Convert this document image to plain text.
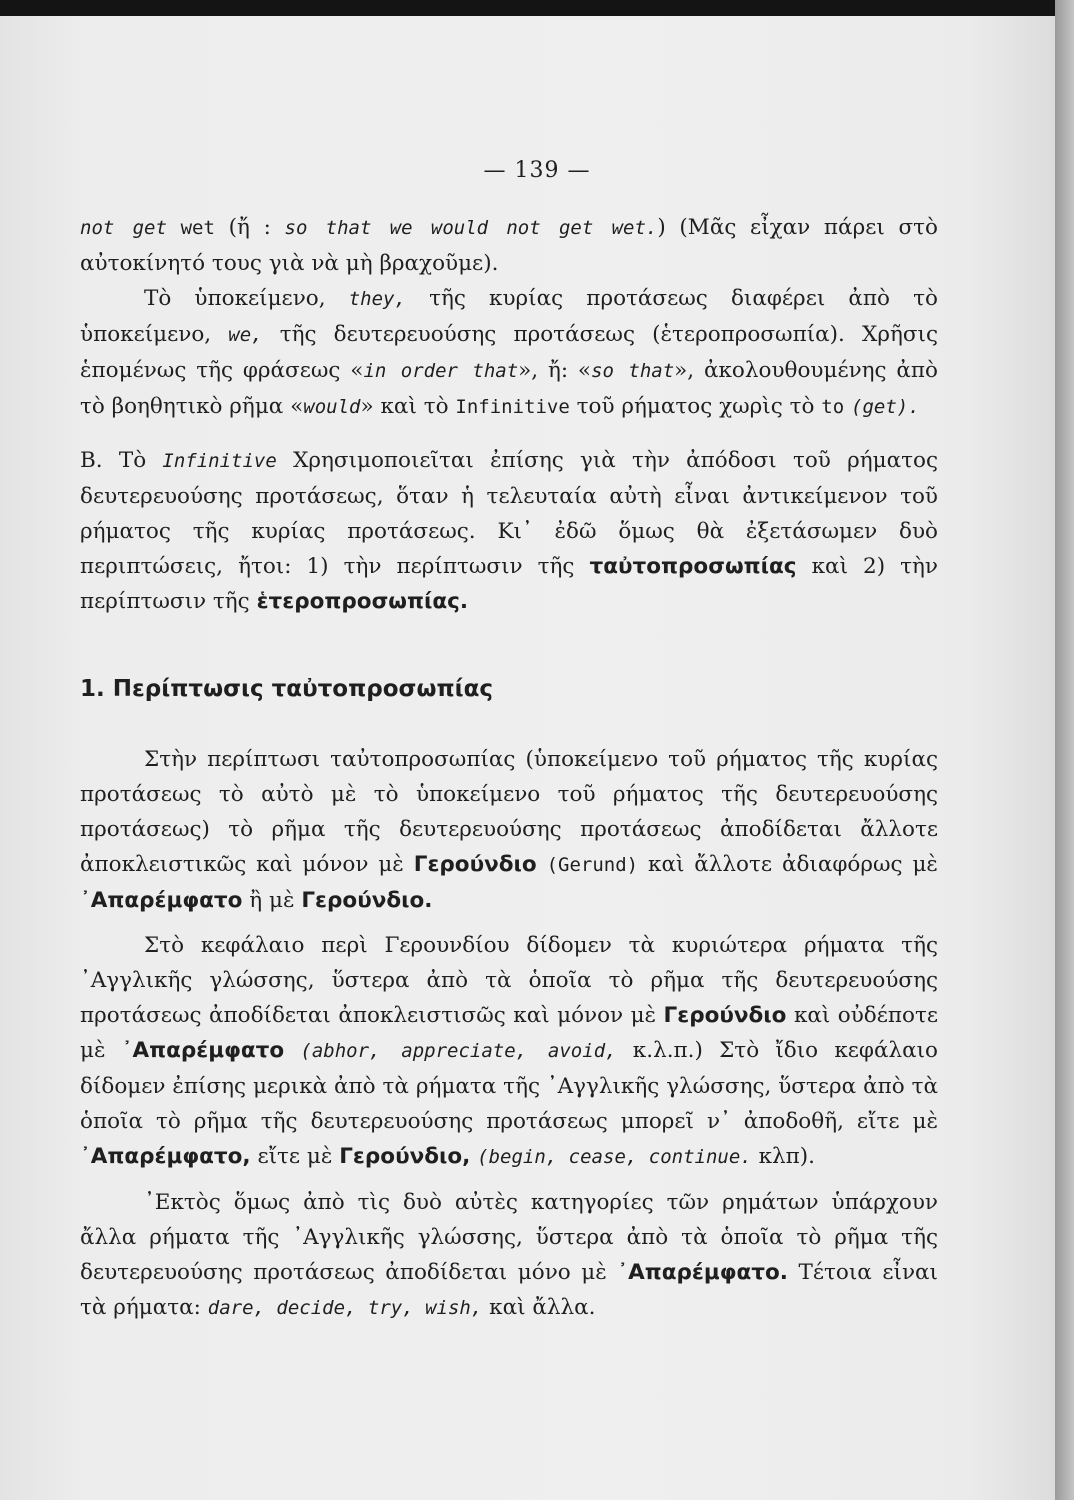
— 139 —

not get wet (ἤ : so that we would not get wet.) (Μᾶς εἶχαν πάρει στὸ αὐτοκίνητό τους γιὰ νὰ μὴ βραχοῦμε).

Τὸ ὑποκείμενο, they, τῆς κυρίας προτάσεως διαφέρει ἀπὸ τὸ ὑποκείμενο, we, τῆς δευτερευούσης προτάσεως (ἑτεροπροσωπία). Χρῆσις ἑπομένως τῆς φράσεως «in order that», ἤ: «so that», ἀκολουθουμένης ἀπὸ τὸ βοηθητικὸ ρῆμα «would» καὶ τὸ Infinitive τοῦ ρήματος χωρὶς τὸ to (get).

Β. Τὸ Infinitive Χρησιμοποιεῖται ἐπίσης γιὰ τὴν ἀπόδοσι τοῦ ρήματος δευτερευούσης προτάσεως, ὅταν ἡ τελευταία αὐτὴ εἶναι ἀντικείμενον τοῦ ρήματος τῆς κυρίας προτάσεως. Κι᾽ ἐδῶ ὅμως θὰ ἐξετάσωμεν δυὸ περιπτώσεις, ἤτοι: 1) τὴν περίπτωσιν τῆς ταὐτοπροσωπίας καὶ 2) τὴν περίπτωσιν τῆς ἑτεροπροσωπίας.

1. Περίπτωσις ταὐτοπροσωπίας

Στὴν περίπτωσι ταὐτοπροσωπίας (ὑποκείμενο τοῦ ρήματος τῆς κυρίας προτάσεως τὸ αὐτὸ μὲ τὸ ὑποκείμενο τοῦ ρήματος τῆς δευτερευούσης προτάσεως) τὸ ρῆμα τῆς δευτερευούσης προτάσεως ἀποδίδεται ἄλλοτε ἀποκλειστικῶς καὶ μόνον μὲ Γερούνδιο (Gerund) καὶ ἄλλοτε ἀδιαφόρως μὲ ᾽Απαρέμφατο ἢ μὲ Γερούνδιο.

Στὸ κεφάλαιο περὶ Γερουνδίου δίδομεν τὰ κυριώτερα ρήματα τῆς ᾽Αγγλικῆς γλώσσης, ὕστερα ἀπὸ τὰ ὁποῖα τὸ ρῆμα τῆς δευτερευούσης προτάσεως ἀποδίδεται ἀποκλειστισῶς καὶ μόνον μὲ Γερούνδιο καὶ οὐδέποτε μὲ ᾽Απαρέμφατο (abhor, appreciate, avoid, κ.λ.π.) Στὸ ἴδιο κεφάλαιο δίδομεν ἐπίσης μερικὰ ἀπὸ τὰ ρήματα τῆς ᾽Αγγλικῆς γλώσσης, ὕστερα ἀπὸ τὰ ὁποῖα τὸ ρῆμα τῆς δευτερευούσης προτάσεως μπορεῖ ν᾽ ἀποδοθῆ, εἴτε μὲ ᾽Απαρέμφατο, εἴτε μὲ Γερούνδιο, (begin, cease, continue. κλπ).

᾽Εκτὸς ὅμως ἀπὸ τὶς δυὸ αὐτὲς κατηγορίες τῶν ρημάτων ὑπάρχουν ἄλλα ρήματα τῆς ᾽Αγγλικῆς γλώσσης, ὕστερα ἀπὸ τὰ ὁποῖα τὸ ρῆμα τῆς δευτερευούσης προτάσεως ἀποδίδεται μόνο μὲ ᾽Απαρέμφατο. Τέτοια εἶναι τὰ ρήματα: dare, decide, try, wish, καὶ ἄλλα.
